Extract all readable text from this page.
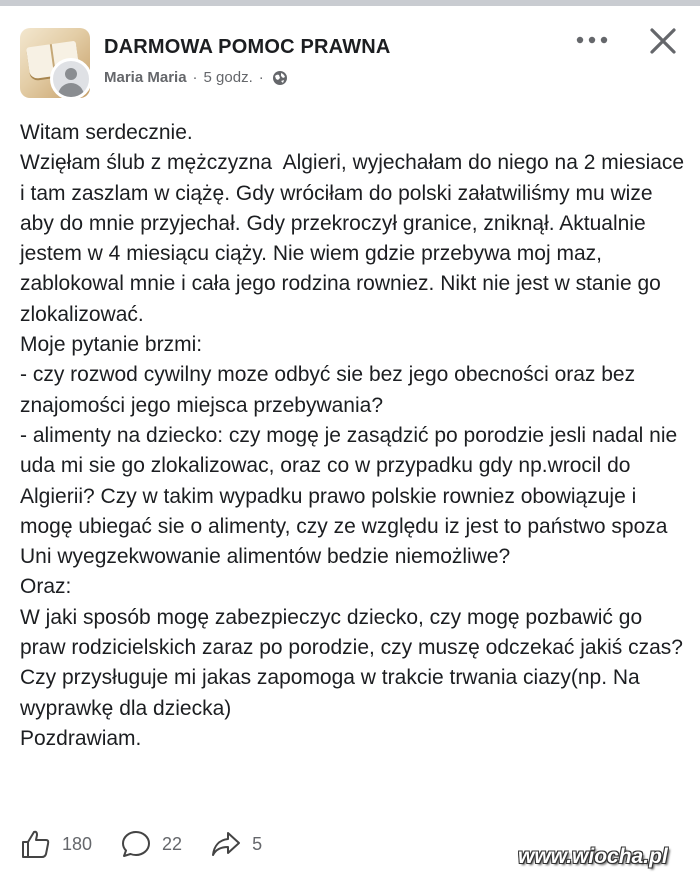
DARMOWA POMOC PRAWNA
Maria Maria · 5 godz. ·
Witam serdecznie.
Wzięłam ślub z mężczyzna  Algieri, wyjechałam do niego na 2 miesiace i tam zaszlam w ciążę. Gdy wróciłam do polski załatwiliśmy mu wize aby do mnie przyjechał. Gdy przekroczył granice, zniknął. Aktualnie jestem w 4 miesiącu ciąży. Nie wiem gdzie przebywa moj maz, zablokowal mnie i cała jego rodzina rowniez. Nikt nie jest w stanie go zlokalizować.
Moje pytanie brzmi:
- czy rozwod cywilny moze odbyć sie bez jego obecności oraz bez znajomości jego miejsca przebywania?
- alimenty na dziecko: czy mogę je zasądzić po porodzie jesli nadal nie uda mi sie go zlokalizowac, oraz co w przypadku gdy np.wrocil do Algierii? Czy w takim wypadku prawo polskie rowniez obowiązuje i mogę ubiegać sie o alimenty, czy ze względu iz jest to państwo spoza Uni wyegzekwowanie alimentów bedzie niemożliwe?
Oraz:
W jaki sposób mogę zabezpieczyc dziecko, czy mogę pozbawić go praw rodzicielskich zaraz po porodzie, czy muszę odczekać jakiś czas?
Czy przysługuje mi jakas zapomoga w trakcie trwania ciazy(np. Na wyprawkę dla dziecka)
Pozdrawiam.
180	22	5
www.wiocha.pl
